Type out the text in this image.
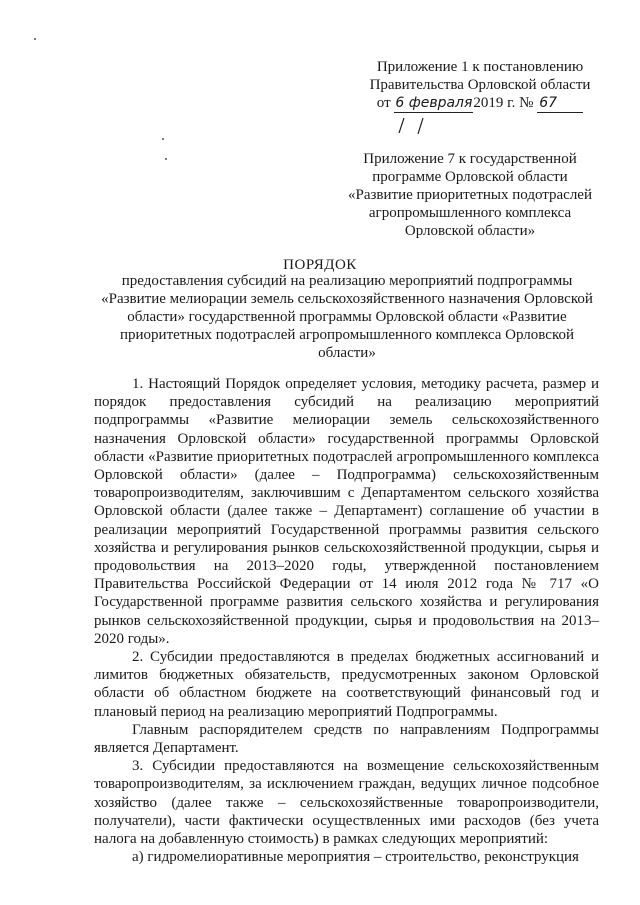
Приложение 1 к постановлению
Правительства Орловской области
от 6 февраля2019 г. № 67
Приложение 7 к государственной
программе Орловской области
«Развитие приоритетных подотраслей
агропромышленного комплекса
Орловской области»
ПОРЯДОК
предоставления субсидий на реализацию мероприятий подпрограммы «Развитие мелиорации земель сельскохозяйственного назначения Орловской области» государственной программы Орловской области «Развитие приоритетных подотраслей агропромышленного комплекса Орловской области»

1. Настоящий Порядок определяет условия, методику расчета, размер и порядок предоставления субсидий на реализацию мероприятий подпрограммы «Развитие мелиорации земель сельскохозяйственного назначения Орловской области» государственной программы Орловской области «Развитие приоритетных подотраслей агропромышленного комплекса Орловской области» (далее – Подпрограмма) сельскохозяйственным товаропроизводителям, заключившим с Департаментом сельского хозяйства Орловской области (далее также – Департамент) соглашение об участии в реализации мероприятий Государственной программы развития сельского хозяйства и регулирования рынков сельскохозяйственной продукции, сырья и продовольствия на 2013–2020 годы, утвержденной постановлением Правительства Российской Федерации от 14 июля 2012 года № 717 «О Государственной программе развития сельского хозяйства и регулирования рынков сельскохозяйственной продукции, сырья и продовольствия на 2013–2020 годы».

2. Субсидии предоставляются в пределах бюджетных ассигнований и лимитов бюджетных обязательств, предусмотренных законом Орловской области об областном бюджете на соответствующий финансовый год и плановый период на реализацию мероприятий Подпрограммы.

Главным распорядителем средств по направлениям Подпрограммы является Департамент.

3. Субсидии предоставляются на возмещение сельскохозяйственным товаропроизводителям, за исключением граждан, ведущих личное подсобное хозяйство (далее также – сельскохозяйственные товаропроизводители, получатели), части фактически осуществленных ими расходов (без учета налога на добавленную стоимость) в рамках следующих мероприятий:

а) гидромелиоративные мероприятия – строительство, реконструкция
